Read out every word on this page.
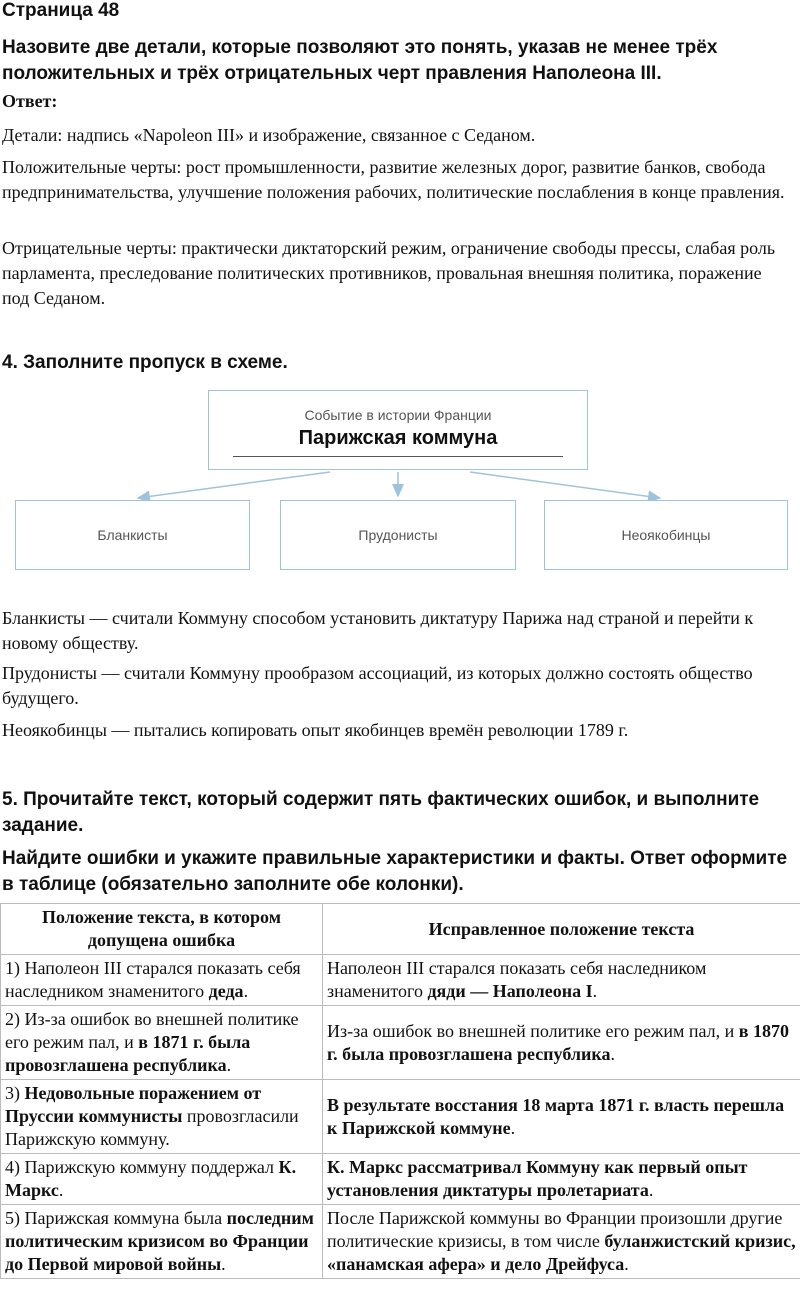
Страница 48
Назовите две детали, которые позволяют это понять, указав не менее трёх положительных и трёх отрицательных черт правления Наполеона III.
Ответ:

Детали: надпись «Napoleon III» и изображение, связанное с Седаном.

Положительные черты: рост промышленности, развитие железных дорог, развитие банков, свобода предпринимательства, улучшение положения рабочих, политические послабления в конце правления.

Отрицательные черты: практически диктаторский режим, ограничение свободы прессы, слабая роль парламента, преследование политических противников, провальная внешняя политика, поражение под Седаном.

4. Заполните пропуск в схеме.
Событие в истории Франции
Парижская коммуна
Бланкисты	Прудонисты	Неоякобинцы

Бланкисты — считали Коммуну способом установить диктатуру Парижа над страной и перейти к новому обществу.

Прудонисты — считали Коммуну прообразом ассоциаций, из которых должно состоять общество будущего.

Неоякобинцы — пытались копировать опыт якобинцев времён революции 1789 г.

5. Прочитайте текст, который содержит пять фактических ошибок, и выполните задание.
Найдите ошибки и укажите правильные характеристики и факты. Ответ оформите в таблице (обязательно заполните обе колонки).
Положение текста, в котором допущена ошибка	Исправленное положение текста
1) Наполеон III старался показать себя наследником знаменитого деда.	Наполеон III старался показать себя наследником знаменитого дяди — Наполеона I.
2) Из-за ошибок во внешней политике его режим пал, и в 1871 г. была провозглашена республика.	Из-за ошибок во внешней политике его режим пал, и в 1870 г. была провозглашена республика.
3) Недовольные поражением от Пруссии коммунисты провозгласили Парижскую коммуну.	В результате восстания 18 марта 1871 г. власть перешла к Парижской коммуне.
4) Парижскую коммуну поддержал К. Маркс.	К. Маркс рассматривал Коммуну как первый опыт установления диктатуры пролетариата.
5) Парижская коммуна была последним политическим кризисом во Франции до Первой мировой войны.	После Парижской коммуны во Франции произошли другие политические кризисы, в том числе буланжистский кризис, «панамская афера» и дело Дрейфуса.
